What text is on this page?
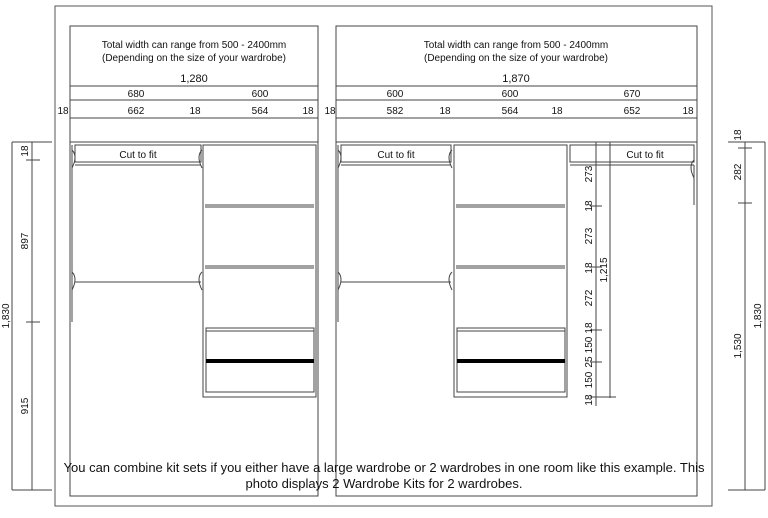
Total width can range from 500 - 2400mm
(Depending on the size of your wardrobe)
1,280
680	600
18	662	18	564	18
Cut to fit
Total width can range from 500 - 2400mm
(Depending on the size of your wardrobe)
1,870
600	600	670
18	582	18	564	18	652	18
Cut to fit	Cut to fit
273
18
273
18
272
18
150
25
150
18
1,215
18
897
915
1,830
18
282
1,530
1,830
You can combine kit sets if you either have a large wardrobe or 2 wardrobes in one room like this example. This photo displays 2 Wardrobe Kits for 2 wardrobes.
